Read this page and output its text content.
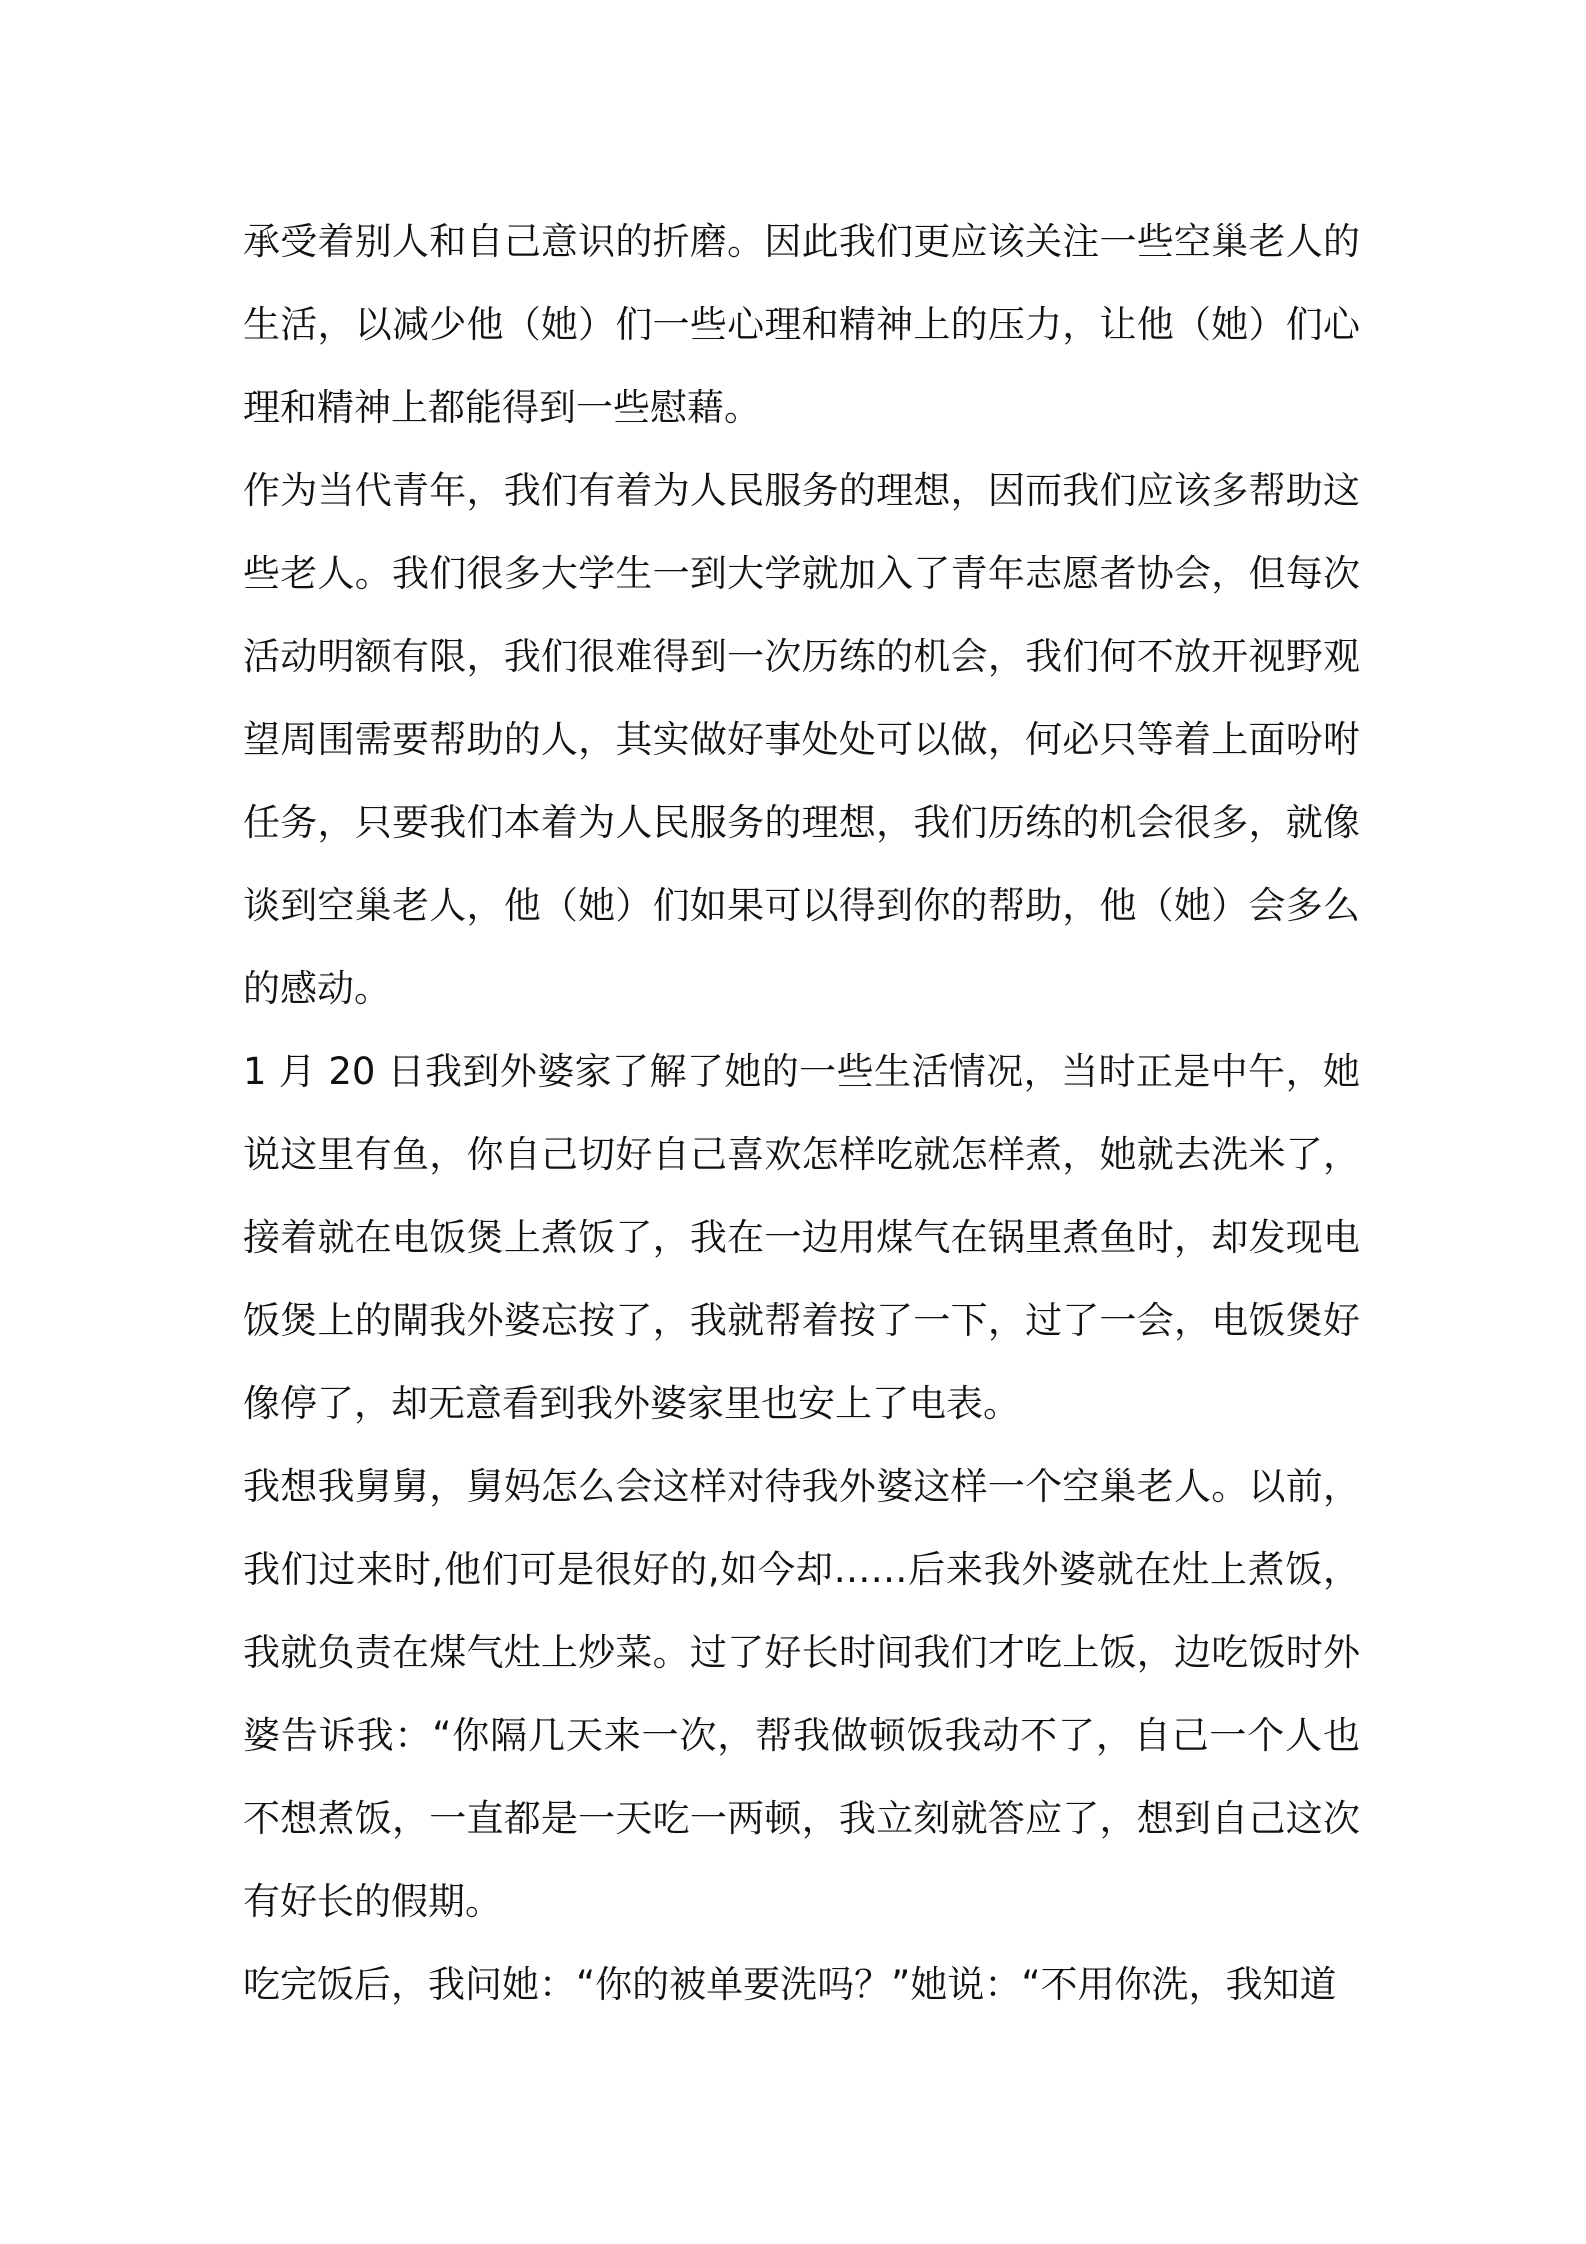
承受着别人和自己意识的折磨。因此我们更应该关注一些空巢老人的生活，以减少他（她）们一些心理和精神上的压力，让他（她）们心理和精神上都能得到一些慰藉。

作为当代青年，我们有着为人民服务的理想，因而我们应该多帮助这些老人。我们很多大学生一到大学就加入了青年志愿者协会，但每次活动明额有限，我们很难得到一次历练的机会，我们何不放开视野观望周围需要帮助的人，其实做好事处处可以做，何必只等着上面吩咐任务，只要我们本着为人民服务的理想，我们历练的机会很多，就像谈到空巢老人，他（她）们如果可以得到你的帮助，他（她）会多么的感动。

1 月 20 日我到外婆家了解了她的一些生活情况，当时正是中午，她说这里有鱼，你自己切好自己喜欢怎样吃就怎样煮，她就去洗米了，接着就在电饭煲上煮饭了，我在一边用煤气在锅里煮鱼时，却发现电饭煲上的閘我外婆忘按了，我就帮着按了一下，过了一会，电饭煲好像停了，却无意看到我外婆家里也安上了电表。

我想我舅舅，舅妈怎么会这样对待我外婆这样一个空巢老人。以前，我们过来时,他们可是很好的,如今却……后来我外婆就在灶上煮饭，我就负责在煤气灶上炒菜。过了好长时间我们才吃上饭，边吃饭时外婆告诉我：“你隔几天来一次，帮我做顿饭我动不了，自己一个人也不想煮饭，一直都是一天吃一两顿，我立刻就答应了，想到自己这次有好长的假期。

吃完饭后，我问她：“你的被单要洗吗？”她说：“不用你洗，我知道
